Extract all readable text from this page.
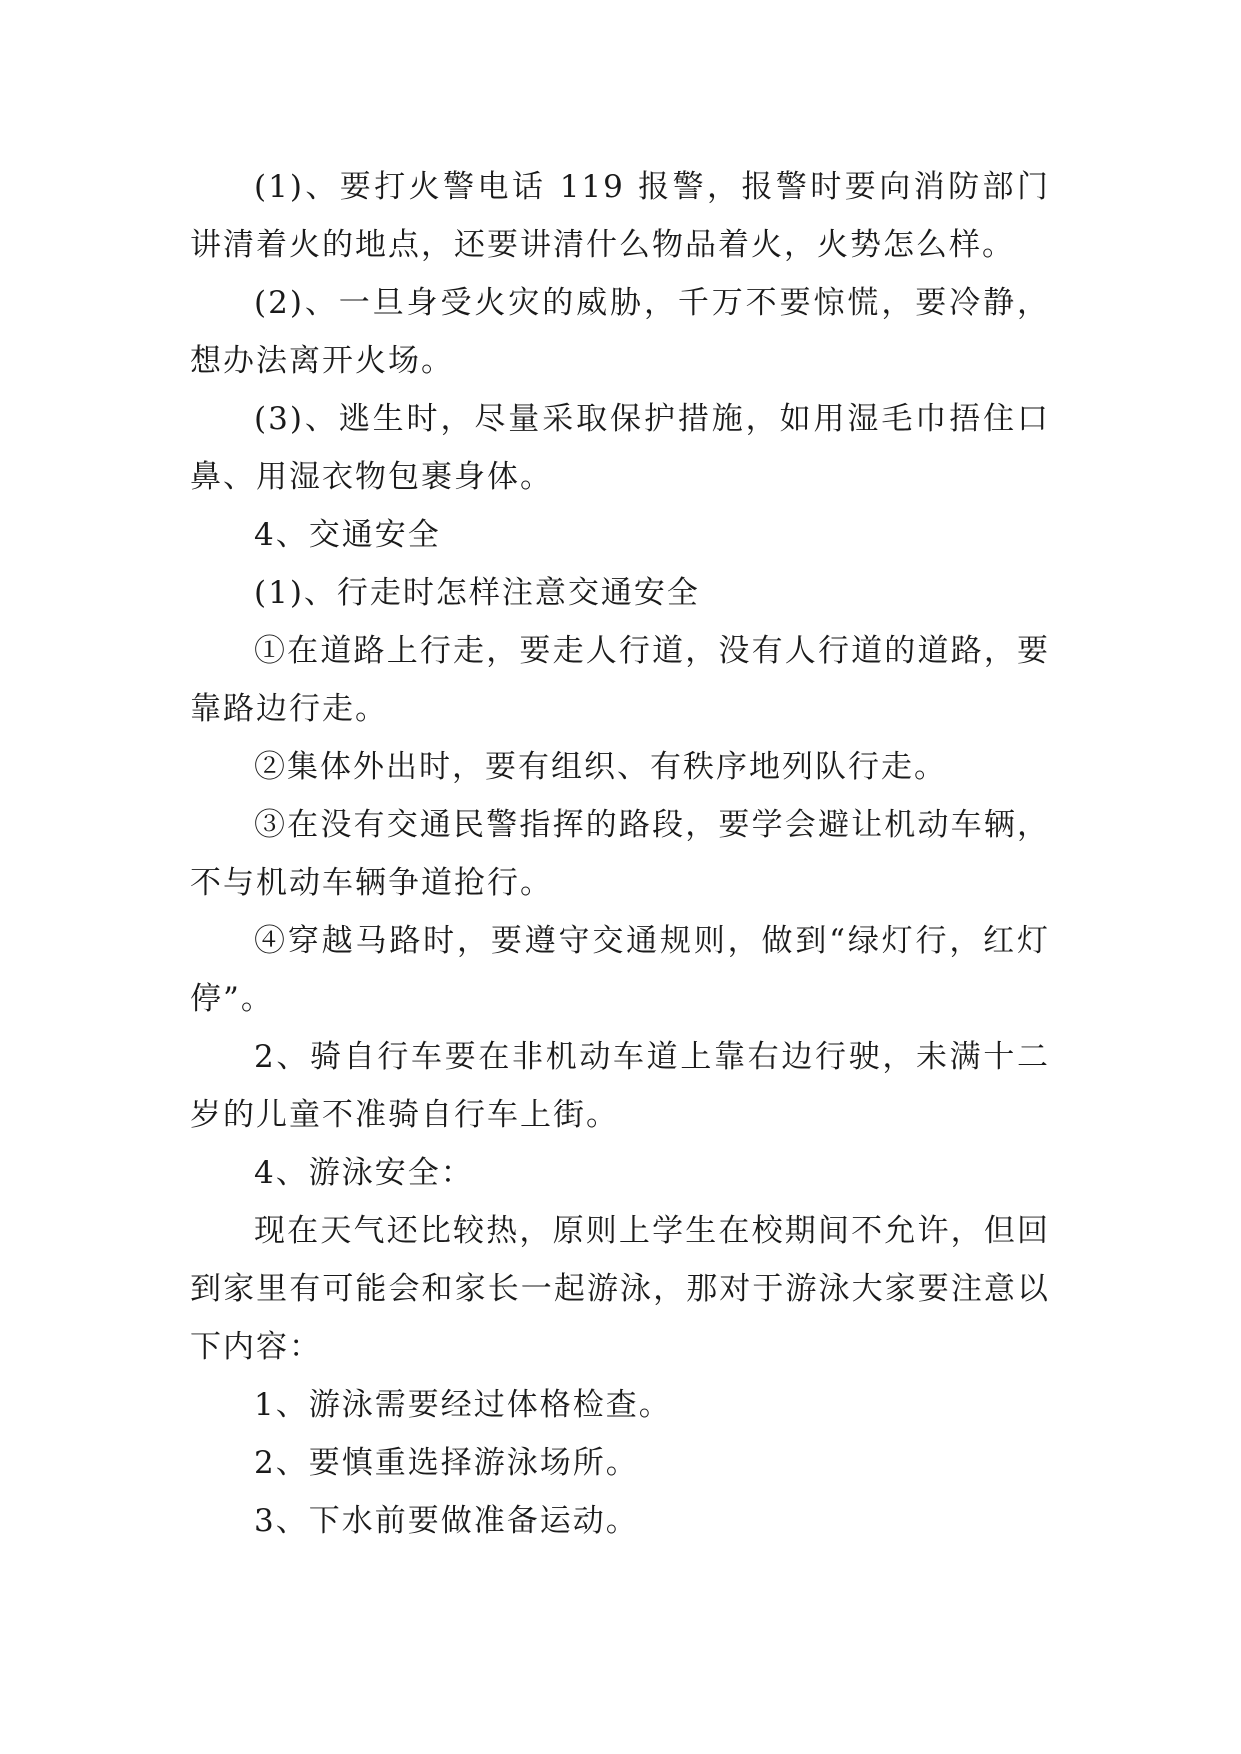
(1)、要打火警电话 119 报警，报警时要向消防部门讲清着火的地点，还要讲清什么物品着火，火势怎么样。

(2)、一旦身受火灾的威胁，千万不要惊慌，要冷静，想办法离开火场。

(3)、逃生时，尽量采取保护措施，如用湿毛巾捂住口鼻、用湿衣物包裹身体。

4、交通安全

(1)、行走时怎样注意交通安全

①在道路上行走，要走人行道，没有人行道的道路，要靠路边行走。

②集体外出时，要有组织、有秩序地列队行走。

③在没有交通民警指挥的路段，要学会避让机动车辆，不与机动车辆争道抢行。

④穿越马路时，要遵守交通规则，做到“绿灯行，红灯停”。

2、骑自行车要在非机动车道上靠右边行驶，未满十二岁的儿童不准骑自行车上街。

4、游泳安全：

现在天气还比较热，原则上学生在校期间不允许，但回到家里有可能会和家长一起游泳，那对于游泳大家要注意以下内容：

1、游泳需要经过体格检查。

2、要慎重选择游泳场所。

3、下水前要做准备运动。
